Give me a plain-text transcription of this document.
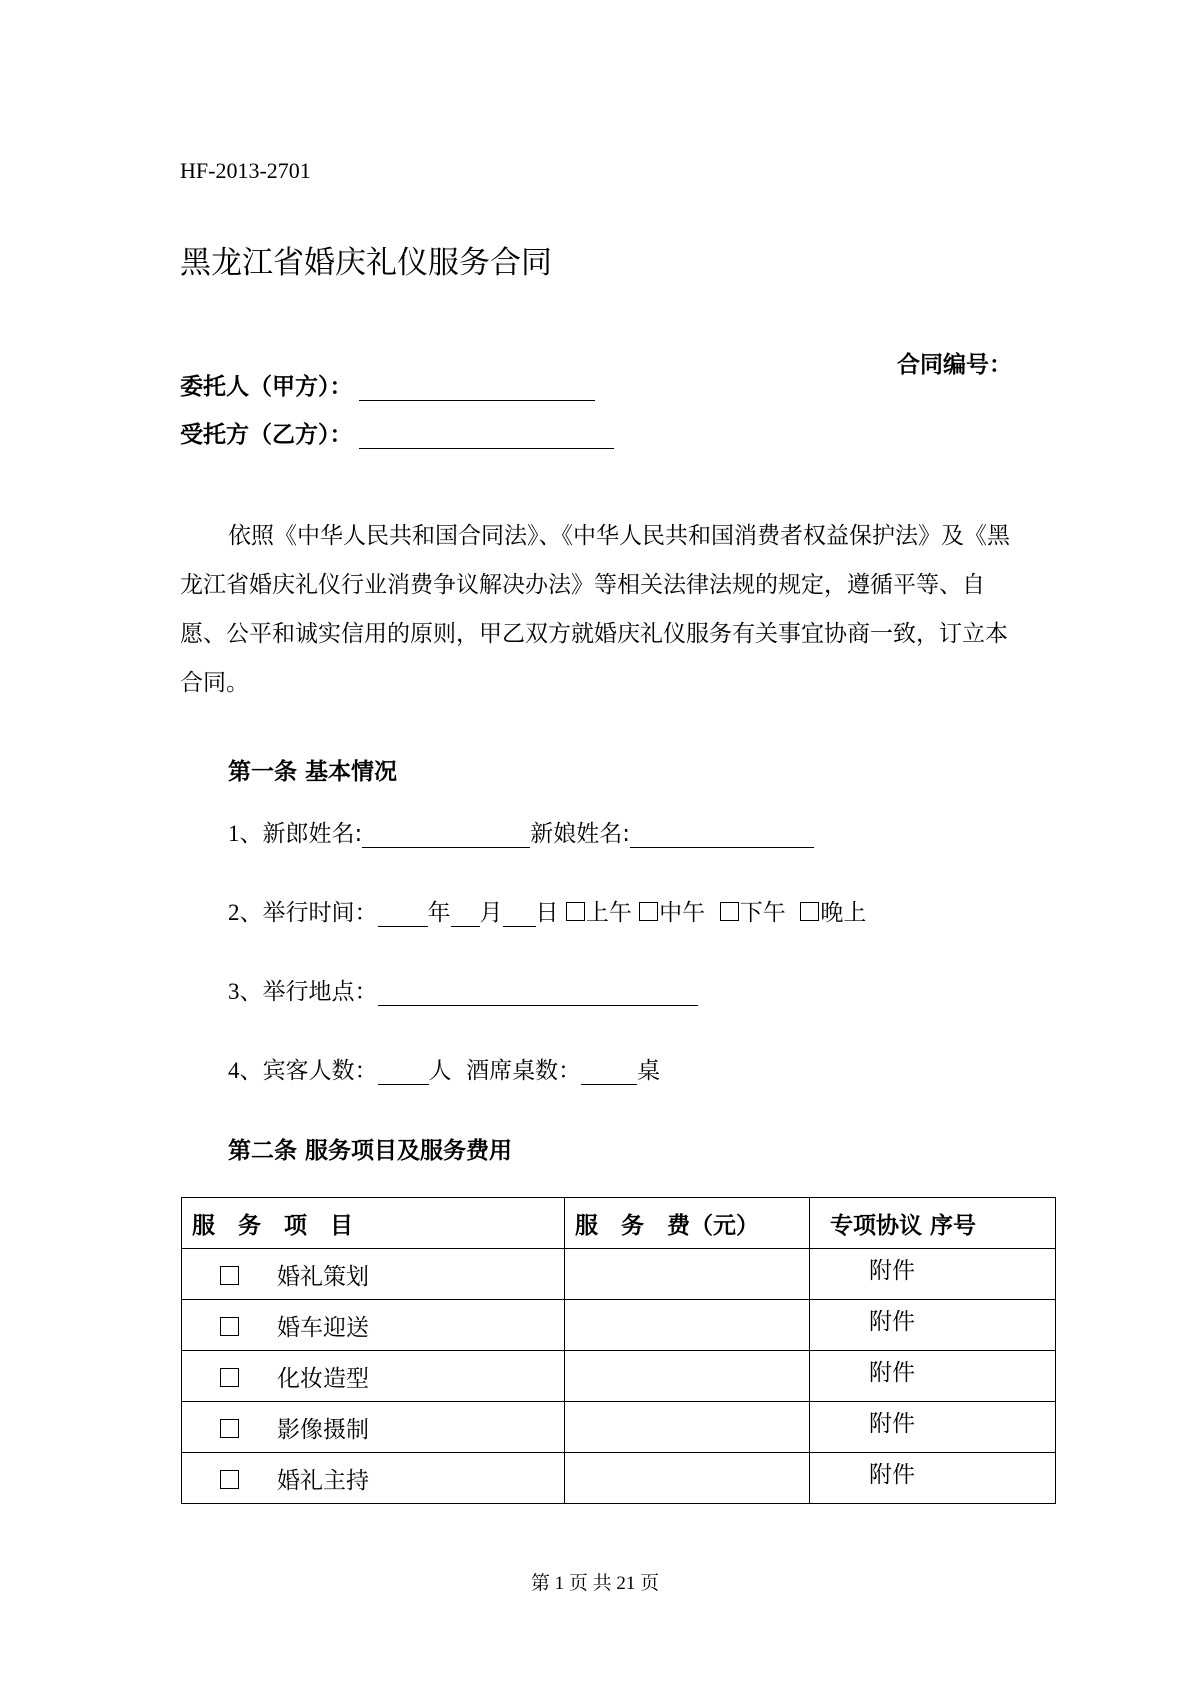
HF-2013-2701
黑龙江省婚庆礼仪服务合同
合同编号：
委托人（甲方）：
受托方（乙方）：
依照《中华人民共和国合同法》、《中华人民共和国消费者权益保护法》及《黑龙江省婚庆礼仪行业消费争议解决办法》等相关法律法规的规定，遵循平等、自愿、公平和诚实信用的原则，甲乙双方就婚庆礼仪服务有关事宜协商一致，订立本合同。
第一条 基本情况
1、新郎姓名:	新娘姓名:
2、举行时间： 年 月 日 上午 中午 下午 晚上
3、举行地点：
4、宾客人数： 人 酒席桌数： 桌
第二条 服务项目及服务费用
服　务　项　目	服　务　费（元）	专项协议 序号
婚礼策划		附件
婚车迎送		附件
化妆造型		附件
影像摄制		附件
婚礼主持		附件
第 1 页 共 21 页
